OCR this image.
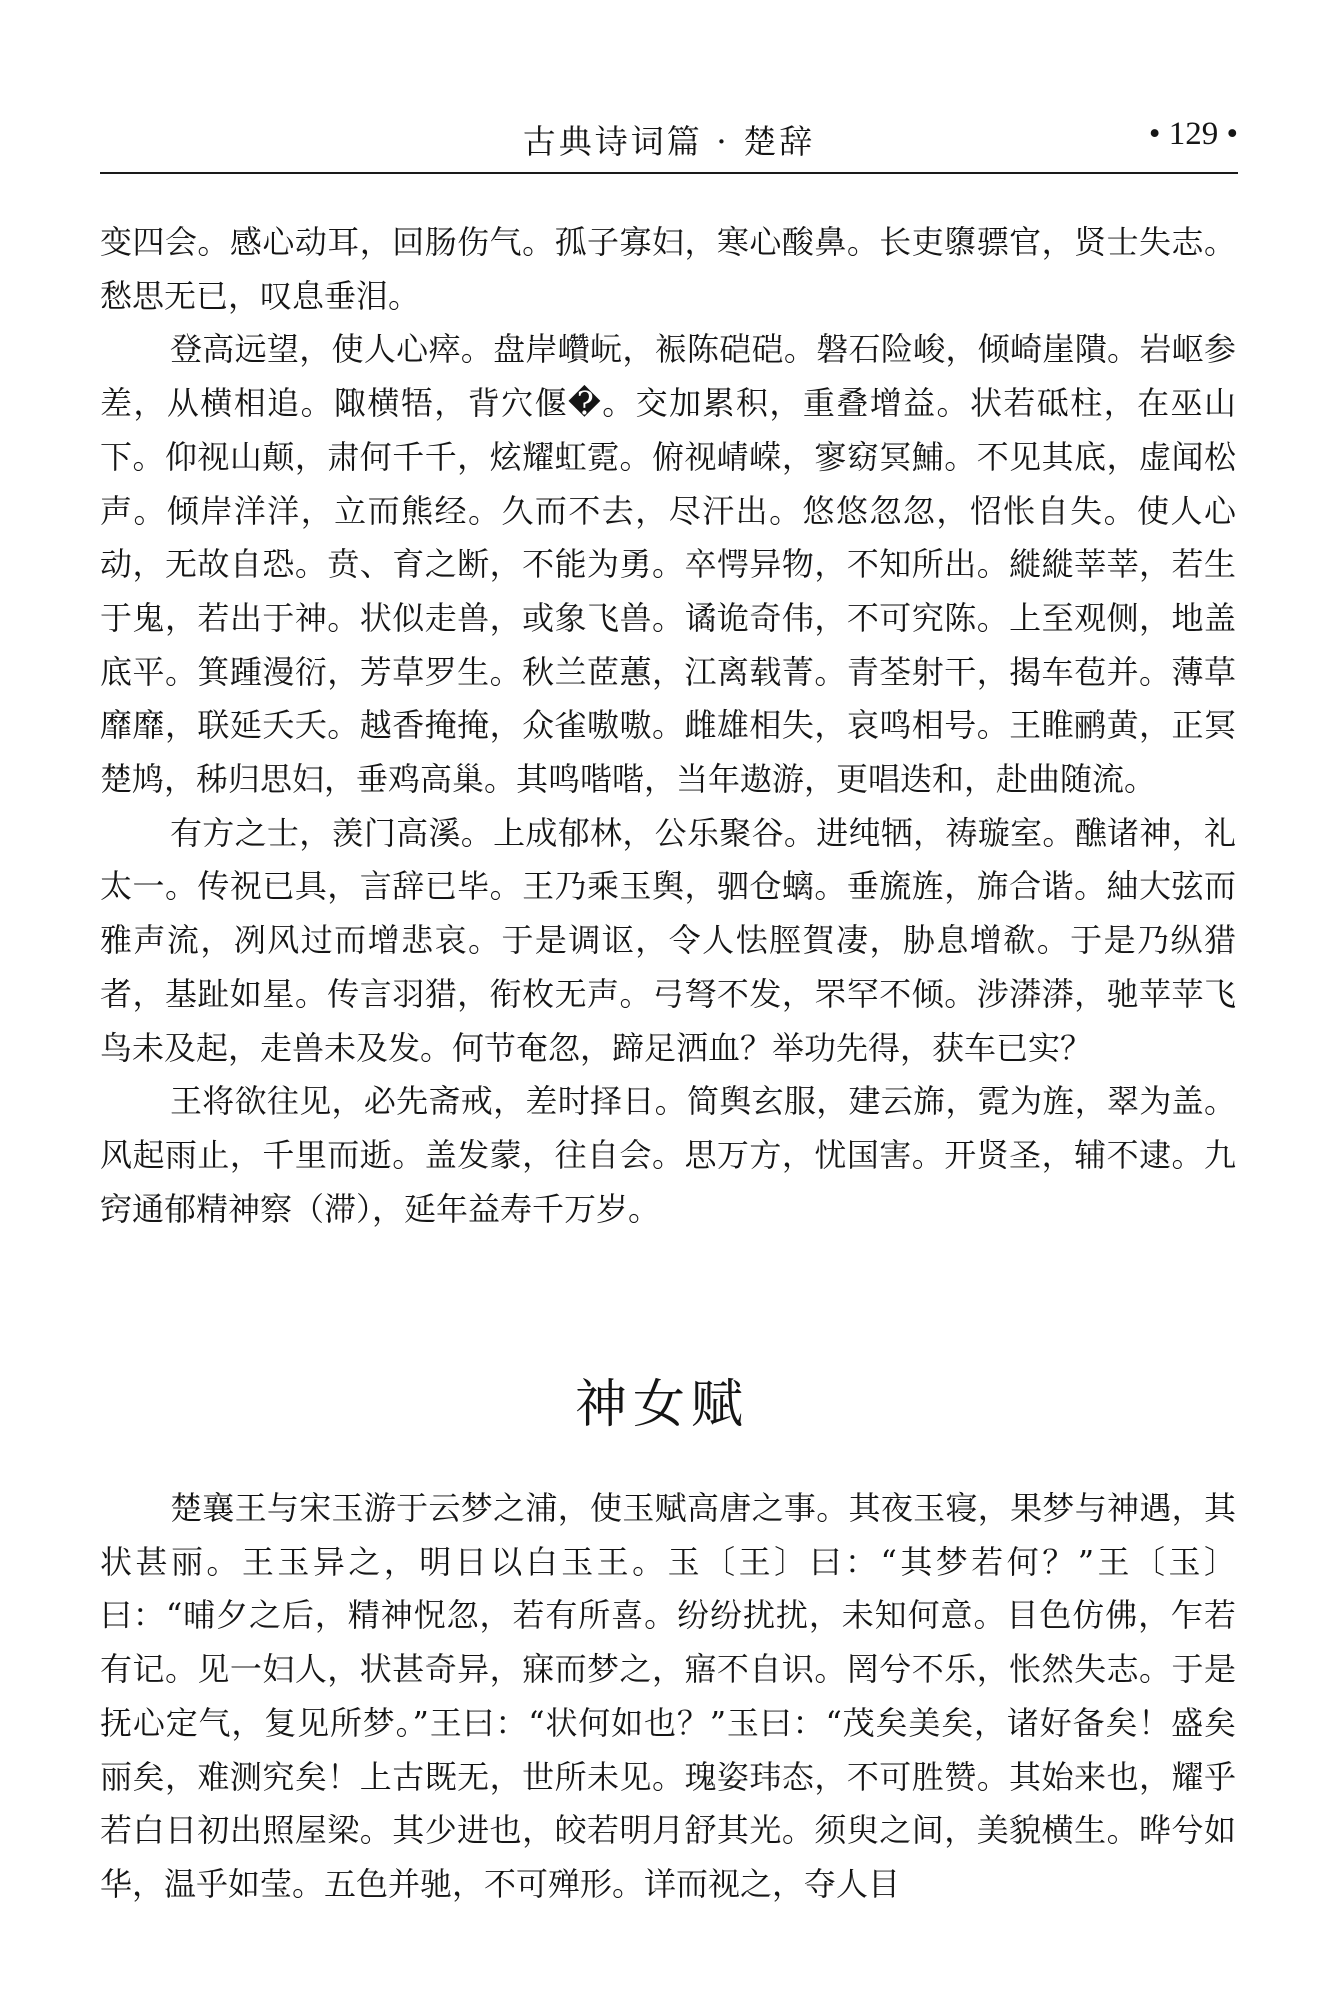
古典诗词篇 · 楚辞	• 129 •

变四会。感心动耳，回肠伤气。孤子寡妇，寒心酸鼻。长吏隳骠官，贤士失志。愁思无已，叹息垂泪。

登高远望，使人心瘁。盘岸巑岏，裖陈硙硙。磐石险峻，倾崎崖隤。岩岖参差，从横相追。陬横牾，背穴偃�。交加累积，重叠增益。状若砥柱，在巫山下。仰视山颠，肃何千千，炫耀虹霓。俯视崝嵘，寥窈冥鯆。不见其底，虚闻松声。倾岸洋洋，立而熊经。久而不去，尽汗出。悠悠忽忽，怊怅自失。使人心动，无故自恐。贲、育之断，不能为勇。卒愕异物，不知所出。縰縰莘莘，若生于鬼，若出于神。状似走兽，或象飞兽。谲诡奇伟，不可究陈。上至观侧，地盖底平。箕踵漫衍，芳草罗生。秋兰茝蕙，江离载菁。青荃射干，揭车苞并。薄草靡靡，联延夭夭。越香掩掩，众雀嗷嗷。雌雄相失，哀鸣相号。王睢鹂黄，正冥楚鸠，秭归思妇，垂鸡高巢。其鸣喈喈，当年遨游，更唱迭和，赴曲随流。

有方之士，羡门高溪。上成郁林，公乐聚谷。进纯牺，祷璇室。醮诸神，礼太一。传祝已具，言辞已毕。王乃乘玉舆，驷仓螭。垂旒旌，旆合谐。紬大弦而雅声流，冽风过而增悲哀。于是调讴，令人怯脛賀凄，胁息增欷。于是乃纵猎者，基趾如星。传言羽猎，衔枚无声。弓弩不发，罘罕不倾。涉漭漭，驰苹苹飞鸟未及起，走兽未及发。何节奄忽，蹄足洒血？举功先得，获车已实？

王将欲往见，必先斋戒，差时择日。简舆玄服，建云旆，霓为旌，翠为盖。风起雨止，千里而逝。盖发蒙，往自会。思万方，忧国害。开贤圣，辅不逮。九窍通郁精神察（滞），延年益寿千万岁。

神女赋

楚襄王与宋玉游于云梦之浦，使玉赋高唐之事。其夜玉寝，果梦与神遇，其状甚丽。王玉异之，明日以白玉王。玉〔王〕曰：“其梦若何？”王〔玉〕曰：“晡夕之后，精神怳忽，若有所喜。纷纷扰扰，未知何意。目色仿佛，乍若有记。见一妇人，状甚奇异，寐而梦之，寤不自识。罔兮不乐，怅然失志。于是抚心定气，复见所梦。”王曰：“状何如也？”玉曰：“茂矣美矣，诸好备矣！盛矣丽矣，难测究矣！上古既无，世所未见。瑰姿玮态，不可胜赞。其始来也，耀乎若白日初出照屋梁。其少进也，皎若明月舒其光。须臾之间，美貌横生。晔兮如华，温乎如莹。五色并驰，不可殚形。详而视之，夺人目
